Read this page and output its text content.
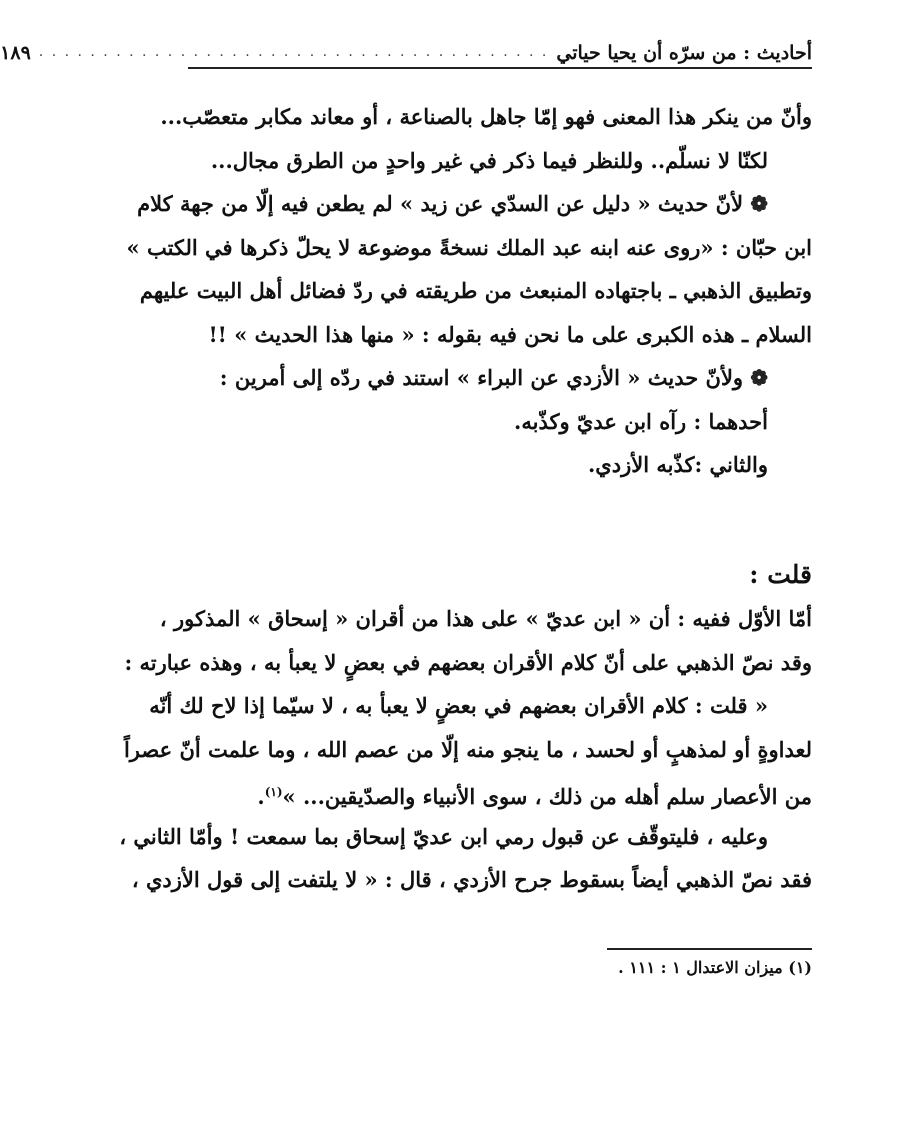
أحاديث : من سرّه أن يحيا حياتي
. . . . . . . . . . . . . . . . . . . . . . . . . . . . . . . . . . . . . . . .
١٨٩
وأنّ من ينكر هذا المعنى فهو إمّا جاهل بالصناعة ، أو معاند مكابر متعصّب...
لكنّا لا نسلّم.. وللنظر فيما ذكر في غير واحدٍ من الطرق مجال...
❁ لأنّ حديث « دليل عن السدّي عن زيد » لم يطعن فيه إلّا من جهة كلام
ابن حبّان : «روى عنه ابنه عبد الملك نسخةً موضوعة لا يحلّ ذكرها في الكتب »
وتطبيق الذهبي ـ باجتهاده المنبعث من طريقته في ردّ فضائل أهل البيت عليهم
السلام ـ هذه الكبرى على ما نحن فيه بقوله : « منها هذا الحديث » !!
❁ ولأنّ حديث « الأزدي عن البراء » استند في ردّه إلى أمرين :
أحدهما : رآه ابن عديّ وكذّبه.
والثاني :كذّبه الأزدي.
قلت :
أمّا الأوّل ففيه : أن « ابن عديّ » على هذا من أقران « إسحاق » المذكور ،
وقد نصّ الذهبي على أنّ كلام الأقران بعضهم في بعضٍ لا يعبأ به ، وهذه عبارته :
« قلت : كلام الأقران بعضهم في بعضٍ لا يعبأ به ، لا سيّما إذا لاح لك أنّه
لعداوةٍ أو لمذهبٍ أو لحسد ، ما ينجو منه إلّا من عصم الله ، وما علمت أنّ عصراً
من الأعصار سلم أهله من ذلك ، سوى الأنبياء والصدّيقين... »$^{(١)}$.
وعليه ، فليتوقّف عن قبول رمي ابن عديّ إسحاق بما سمعت ! وأمّا الثاني ،
فقد نصّ الذهبي أيضاً بسقوط جرح الأزدي ، قال : « لا يلتفت إلى قول الأزدي ،
(١) ميزان الاعتدال ١ : ١١١ .
